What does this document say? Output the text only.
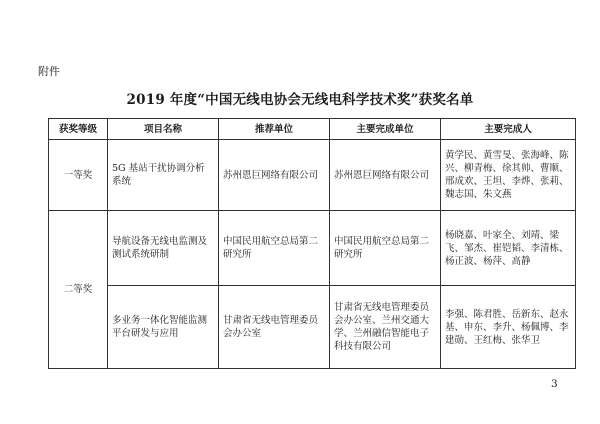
附件
2019 年度“中国无线电协会无线电科学技术奖”获奖名单
获奖等级	项目名称	推荐单位	主要完成单位	主要完成人
一等奖	5G 基站干扰协调分析系统	苏州恩巨网络有限公司	苏州恩巨网络有限公司	黄学民、黄雪旻、张海峰、陈兴、柳青梅、徐其帅、曹顺、邢成欢、王坦、李烨、张莉、魏志国、朱文燕
二等奖	导航设备无线电监测及测试系统研制	中国民用航空总局第二研究所	中国民用航空总局第二研究所	杨晓嘉、叶家全、刘靖、梁飞、邹杰、崔铠韬、李清栋、杨正波、杨萍、高静
	多业务一体化智能监测平台研发与应用	甘肃省无线电管理委员会办公室	甘肃省无线电管理委员会办公室、兰州交通大学、兰州融信智能电子科技有限公司	李强、陈君胜、岳新东、赵永基、申东、李升、杨佩博、李建勋、王红梅、张华卫
3
